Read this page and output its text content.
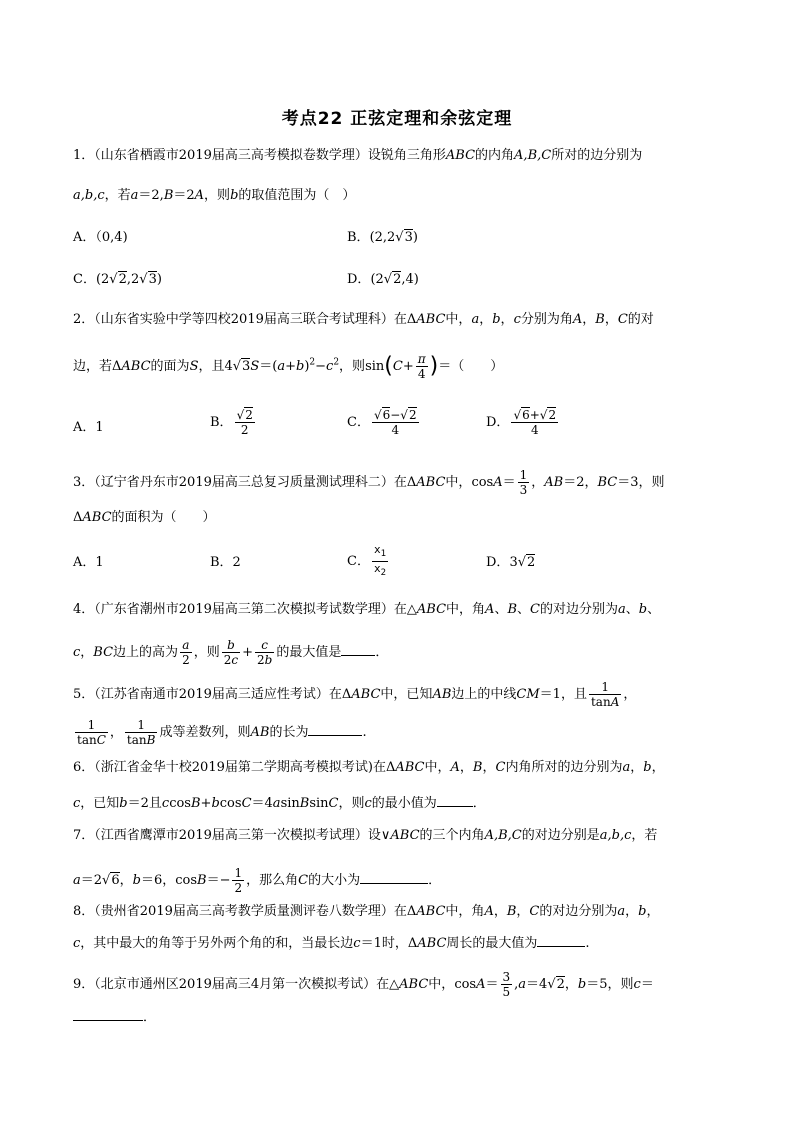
考点22 正弦定理和余弦定理
1．（山东省栖霞市2019届高三高考模拟卷数学理）设锐角三角形ABC的内角A,B,C所对的边分别为
a,b,c，若a＝2,B＝2A，则b的取值范围为（　）
A．（0,4)	B．(2,2√3)
C．(2√2,2√3)	D．(2√2,4)
2．（山东省实验中学等四校2019届高三联合考试理科）在ΔABC中，a，b，c分别为角A，B，C的对
边，若ΔABC的面为S，且$4√3S=(a+b)^2-c^2$，则$\sin(C+ \frac{\pi}{4}$ )＝（　　）
A．1	B． $\frac{√2}{2}$	C． $\frac{√6-√2}{4}$	D． $\frac{√6+√2}{4}$
3．（辽宁省丹东市2019届高三总复习质量测试理科二）在ΔABC中，$\cos A= \frac{1}{3}$ ，AB＝2，BC＝3，则
ΔABC的面积为（　　）
A．1	B．2	C． $\frac{x_1}{x_2}$	D．3√2
4．（广东省潮州市2019届高三第二次模拟考试数学理）在△ABC中，角A、B、C的对边分别为a、b、
c，BC边上的高为 $\frac{a}{2}$ ，则 $\frac{b}{2c} + \frac{c}{2b}$ 的最大值是	．
5．（江苏省南通市2019届高三适应性考试）在ΔABC中，已知AB边上的中线CM＝1，且 $\frac{1}{\tan A}$ ，
$\frac{1}{\tan C}$ ， $\frac{1}{\tan B}$ 成等差数列，则AB的长为	.
6．（浙江省金华十校2019届第二学期高考模拟考试)在ΔABC中，A，B，C内角所对的边分别为a，b，
c，已知b＝2且ccosB+bcosC＝4asinBsinC，则c的最小值为	．
7．（江西省鹰潭市2019届高三第一次模拟考试理）设∨ABC的三个内角A,B,C的对边分别是a,b,c，若
a＝2√6，b＝6，$\cos B=- \frac{1}{2}$ ，那么角C的大小为	．
8．（贵州省2019届高三高考教学质量测评卷八数学理）在ΔABC中，角A，B，C的对边分别为a，b，
c，其中最大的角等于另外两个角的和，当最长边c＝1时，ΔABC周长的最大值为	.
9．（北京市通州区2019届高三4月第一次模拟考试）在△ABC中，$\cos A= \frac{3}{5} ,a=4√2$，b＝5，则c＝
．
